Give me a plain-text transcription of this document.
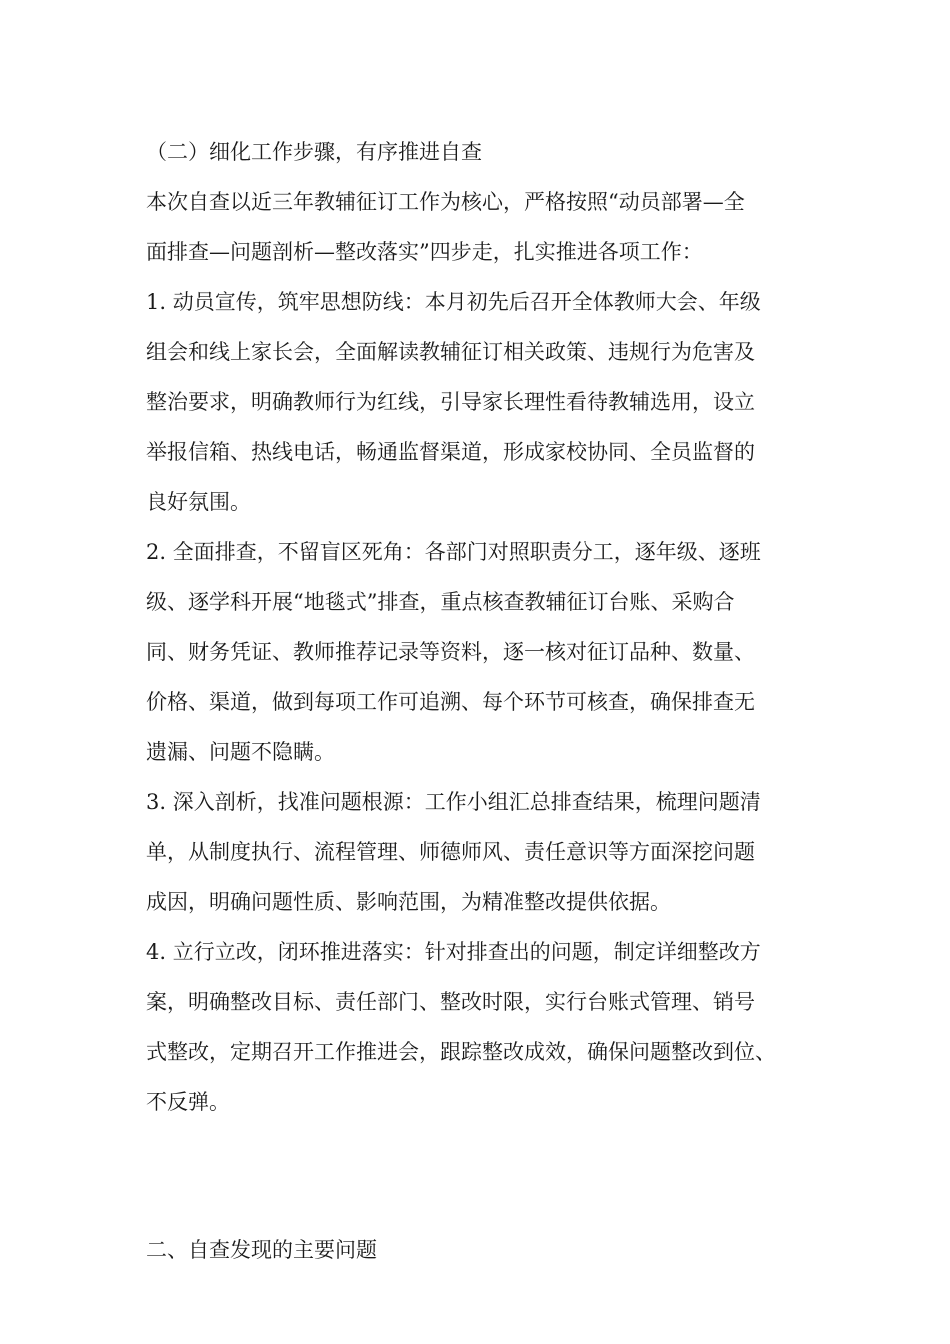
（二）细化工作步骤，有序推进自查
本次自查以近三年教辅征订工作为核心，严格按照“动员部署—全
面排查—问题剖析—整改落实”四步走，扎实推进各项工作：
1. 动员宣传，筑牢思想防线：本月初先后召开全体教师大会、年级
组会和线上家长会，全面解读教辅征订相关政策、违规行为危害及
整治要求，明确教师行为红线，引导家长理性看待教辅选用，设立
举报信箱、热线电话，畅通监督渠道，形成家校协同、全员监督的
良好氛围。
2. 全面排查，不留盲区死角：各部门对照职责分工，逐年级、逐班
级、逐学科开展“地毯式”排查，重点核查教辅征订台账、采购合
同、财务凭证、教师推荐记录等资料，逐一核对征订品种、数量、
价格、渠道，做到每项工作可追溯、每个环节可核查，确保排查无
遗漏、问题不隐瞒。
3. 深入剖析，找准问题根源：工作小组汇总排查结果，梳理问题清
单，从制度执行、流程管理、师德师风、责任意识等方面深挖问题
成因，明确问题性质、影响范围，为精准整改提供依据。
4. 立行立改，闭环推进落实：针对排查出的问题，制定详细整改方
案，明确整改目标、责任部门、整改时限，实行台账式管理、销号
式整改，定期召开工作推进会，跟踪整改成效，确保问题整改到位、
不反弹。
二、自查发现的主要问题
